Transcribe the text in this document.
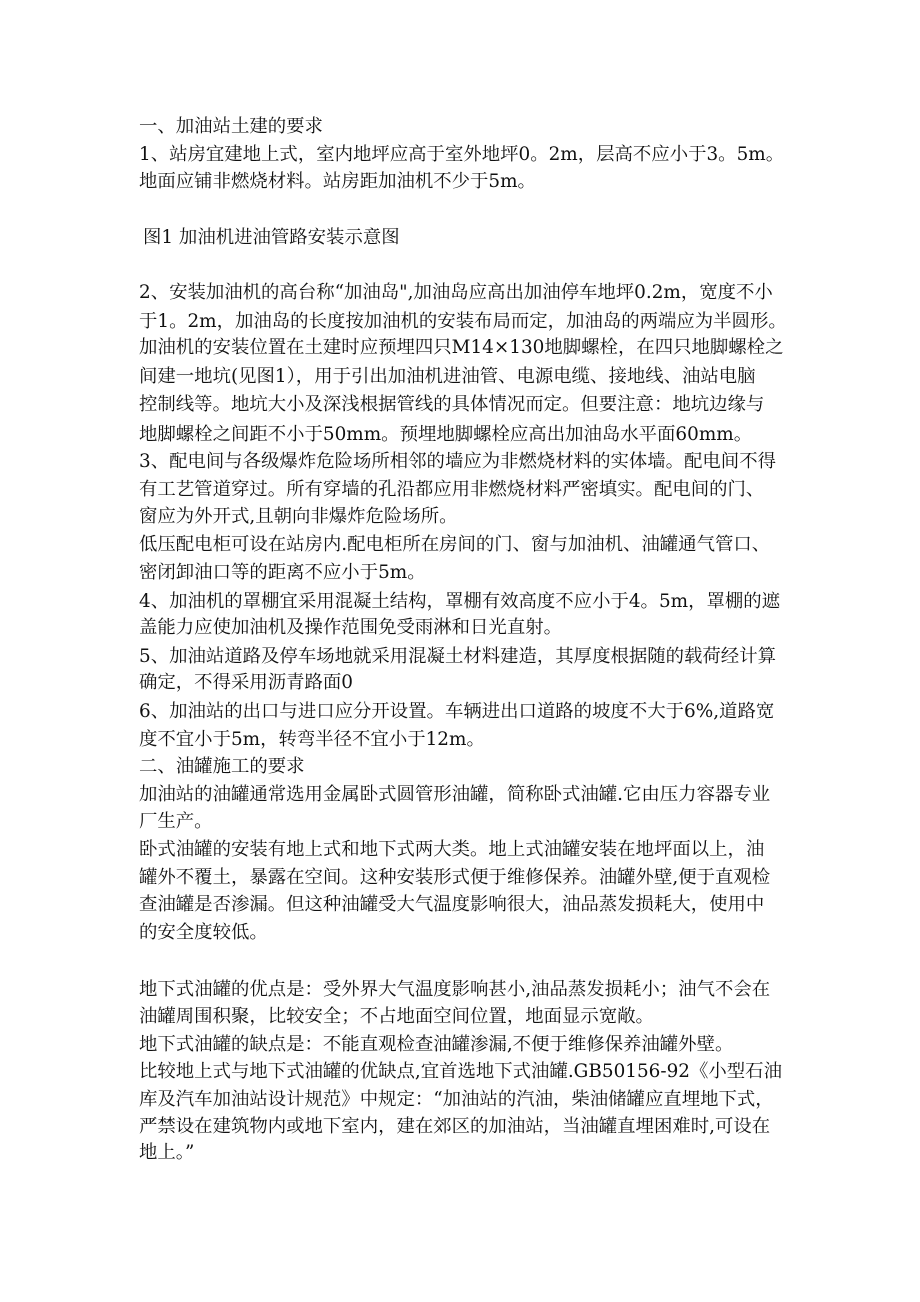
一、加油站土建的要求
1、站房宜建地上式，室内地坪应高于室外地坪0。2m，层高不应小于3。5m。
地面应铺非燃烧材料。站房距加油机不少于5m。
图1 加油机进油管路安装示意图
2、安装加油机的高台称“加油岛",加油岛应高出加油停车地坪0.2m，宽度不小
于1。2m，加油岛的长度按加油机的安装布局而定，加油岛的两端应为半圆形。
加油机的安装位置在土建时应预埋四只M14×130地脚螺栓，在四只地脚螺栓之
间建一地坑(见图1），用于引出加油机进油管、电源电缆、接地线、油站电脑
控制线等。地坑大小及深浅根据管线的具体情况而定。但要注意：地坑边缘与
地脚螺栓之间距不小于50mm。预埋地脚螺栓应高出加油岛水平面60mm。
3、配电间与各级爆炸危险场所相邻的墙应为非燃烧材料的实体墙。配电间不得
有工艺管道穿过。所有穿墙的孔沿都应用非燃烧材料严密填实。配电间的门、
窗应为外开式,且朝向非爆炸危险场所。
低压配电柜可设在站房内.配电柜所在房间的门、窗与加油机、油罐通气管口、
密闭卸油口等的距离不应小于5m。
4、加油机的罩棚宜采用混凝土结构，罩棚有效高度不应小于4。5m，罩棚的遮
盖能力应使加油机及操作范围免受雨淋和日光直射。
5、加油站道路及停车场地就采用混凝土材料建造，其厚度根据随的载荷经计算
确定，不得采用沥青路面0
6、加油站的出口与进口应分开设置。车辆进出口道路的坡度不大于6%,道路宽
度不宜小于5m，转弯半径不宜小于12m。
二、油罐施工的要求
加油站的油罐通常选用金属卧式圆管形油罐，简称卧式油罐.它由压力容器专业
厂生产。
卧式油罐的安装有地上式和地下式两大类。地上式油罐安装在地坪面以上，油
罐外不覆土，暴露在空间。这种安装形式便于维修保养。油罐外壁,便于直观检
查油罐是否渗漏。但这种油罐受大气温度影响很大，油品蒸发损耗大，使用中
的安全度较低。
地下式油罐的优点是：受外界大气温度影响甚小,油品蒸发损耗小；油气不会在
油罐周围积聚，比较安全；不占地面空间位置，地面显示宽敞。
地下式油罐的缺点是：不能直观检查油罐渗漏,不便于维修保养油罐外壁。
比较地上式与地下式油罐的优缺点,宜首选地下式油罐.GB50156-92《小型石油
库及汽车加油站设计规范》中规定：“加油站的汽油，柴油储罐应直埋地下式，
严禁设在建筑物内或地下室内，建在郊区的加油站，当油罐直埋困难时,可设在
地上。”
